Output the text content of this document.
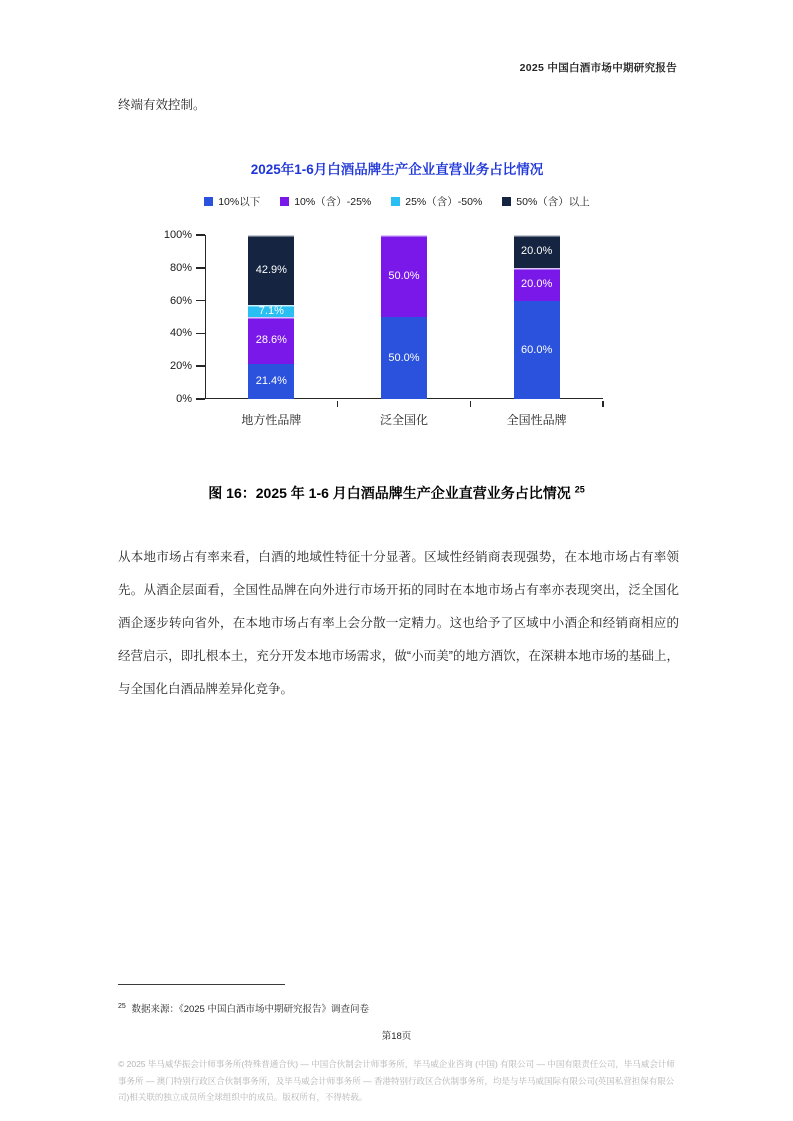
2025 中国白酒市场中期研究报告
终端有效控制。
2025年1-6月白酒品牌生产企业直营业务占比情况
10%以下	10%（含）-25%	25%（含）-50%	50%（含）以上
0%
20%
40%
60%
80%
100%
21.4%
28.6%
7.1%
42.9%
地方性品牌
50.0%
50.0%
泛全国化
60.0%
20.0%
20.0%
全国性品牌
图 16：2025 年 1-6 月白酒品牌生产企业直营业务占比情况 $^{25}$
从本地市场占有率来看，白酒的地域性特征十分显著。区域性经销商表现强势，在本地市场占有率领先。从酒企层面看，全国性品牌在向外进行市场开拓的同时在本地市场占有率亦表现突出，泛全国化酒企逐步转向省外，在本地市场占有率上会分散一定精力。这也给予了区域中小酒企和经销商相应的经营启示，即扎根本土，充分开发本地市场需求，做“小而美”的地方酒饮，在深耕本地市场的基础上，与全国化白酒品牌差异化竞争。
$^{25}$ 数据来源：《2025 中国白酒市场中期研究报告》调查问卷
第18页
© 2025 毕马威华振会计师事务所(特殊普通合伙) — 中国合伙制会计师事务所，毕马威企业咨询 (中国) 有限公司 — 中国有限责任公司，毕马威会计师事务所 — 澳门特别行政区合伙制事务所，及毕马威会计师事务所 — 香港特别行政区合伙制事务所，均是与毕马威国际有限公司(英国私营担保有限公司)相关联的独立成员所全球组织中的成员。版权所有，不得转载。
